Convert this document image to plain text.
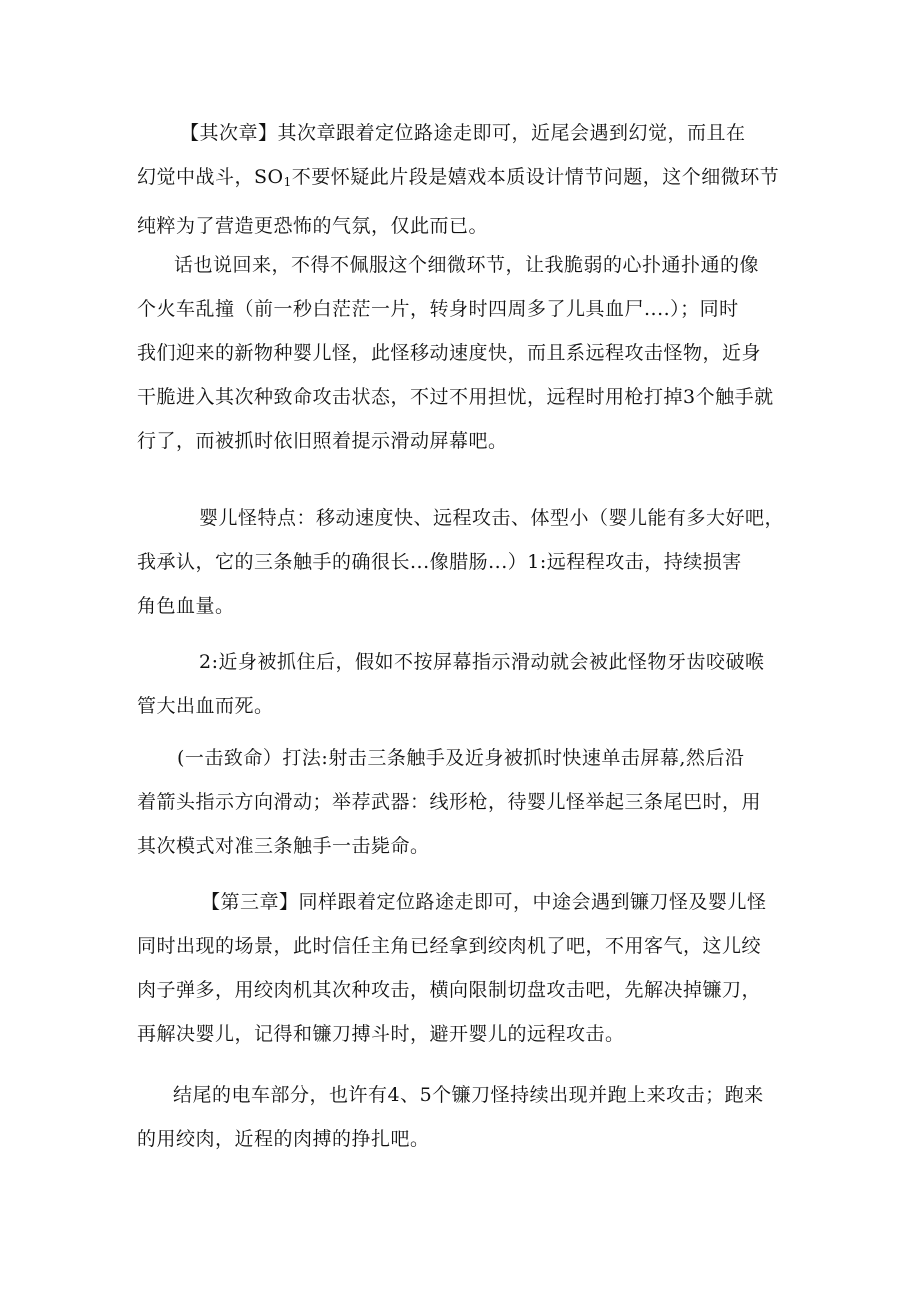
【其次章】其次章跟着定位路途走即可，近尾会遇到幻觉，而且在
幻觉中战斗，$SO_1$不要怀疑此片段是嬉戏本质设计情节问题，这个细微环节
纯粹为了营造更恐怖的气氛，仅此而已。
话也说回来，不得不佩服这个细微环节，让我脆弱的心扑通扑通的像
个火车乱撞（前一秒白茫茫一片，转身时四周多了儿具血尸....）；同时
我们迎来的新物种婴儿怪，此怪移动速度快，而且系远程攻击怪物，近身
干脆进入其次种致命攻击状态，不过不用担忧，远程时用枪打掉3个触手就
行了，而被抓时依旧照着提示滑动屏幕吧。
婴儿怪特点：移动速度快、远程攻击、体型小（婴儿能有多大好吧，
我承认，它的三条触手的确很长...像腊肠...）1:远程程攻击，持续损害
角色血量。
2:近身被抓住后，假如不按屏幕指示滑动就会被此怪物牙齿咬破喉
管大出血而死。
(一击致命）打法:射击三条触手及近身被抓时快速单击屏幕,然后沿
着箭头指示方向滑动；举荐武器：线形枪，待婴儿怪举起三条尾巴时，用
其次模式对准三条触手一击毙命。
【第三章】同样跟着定位路途走即可，中途会遇到镰刀怪及婴儿怪
同时出现的场景，此时信任主角已经拿到绞肉机了吧，不用客气，这儿绞
肉子弹多，用绞肉机其次种攻击，横向限制切盘攻击吧，先解决掉镰刀，
再解决婴儿，记得和镰刀搏斗时，避开婴儿的远程攻击。
结尾的电车部分，也许有4、5个镰刀怪持续出现并跑上来攻击；跑来
的用绞肉，近程的肉搏的挣扎吧。
